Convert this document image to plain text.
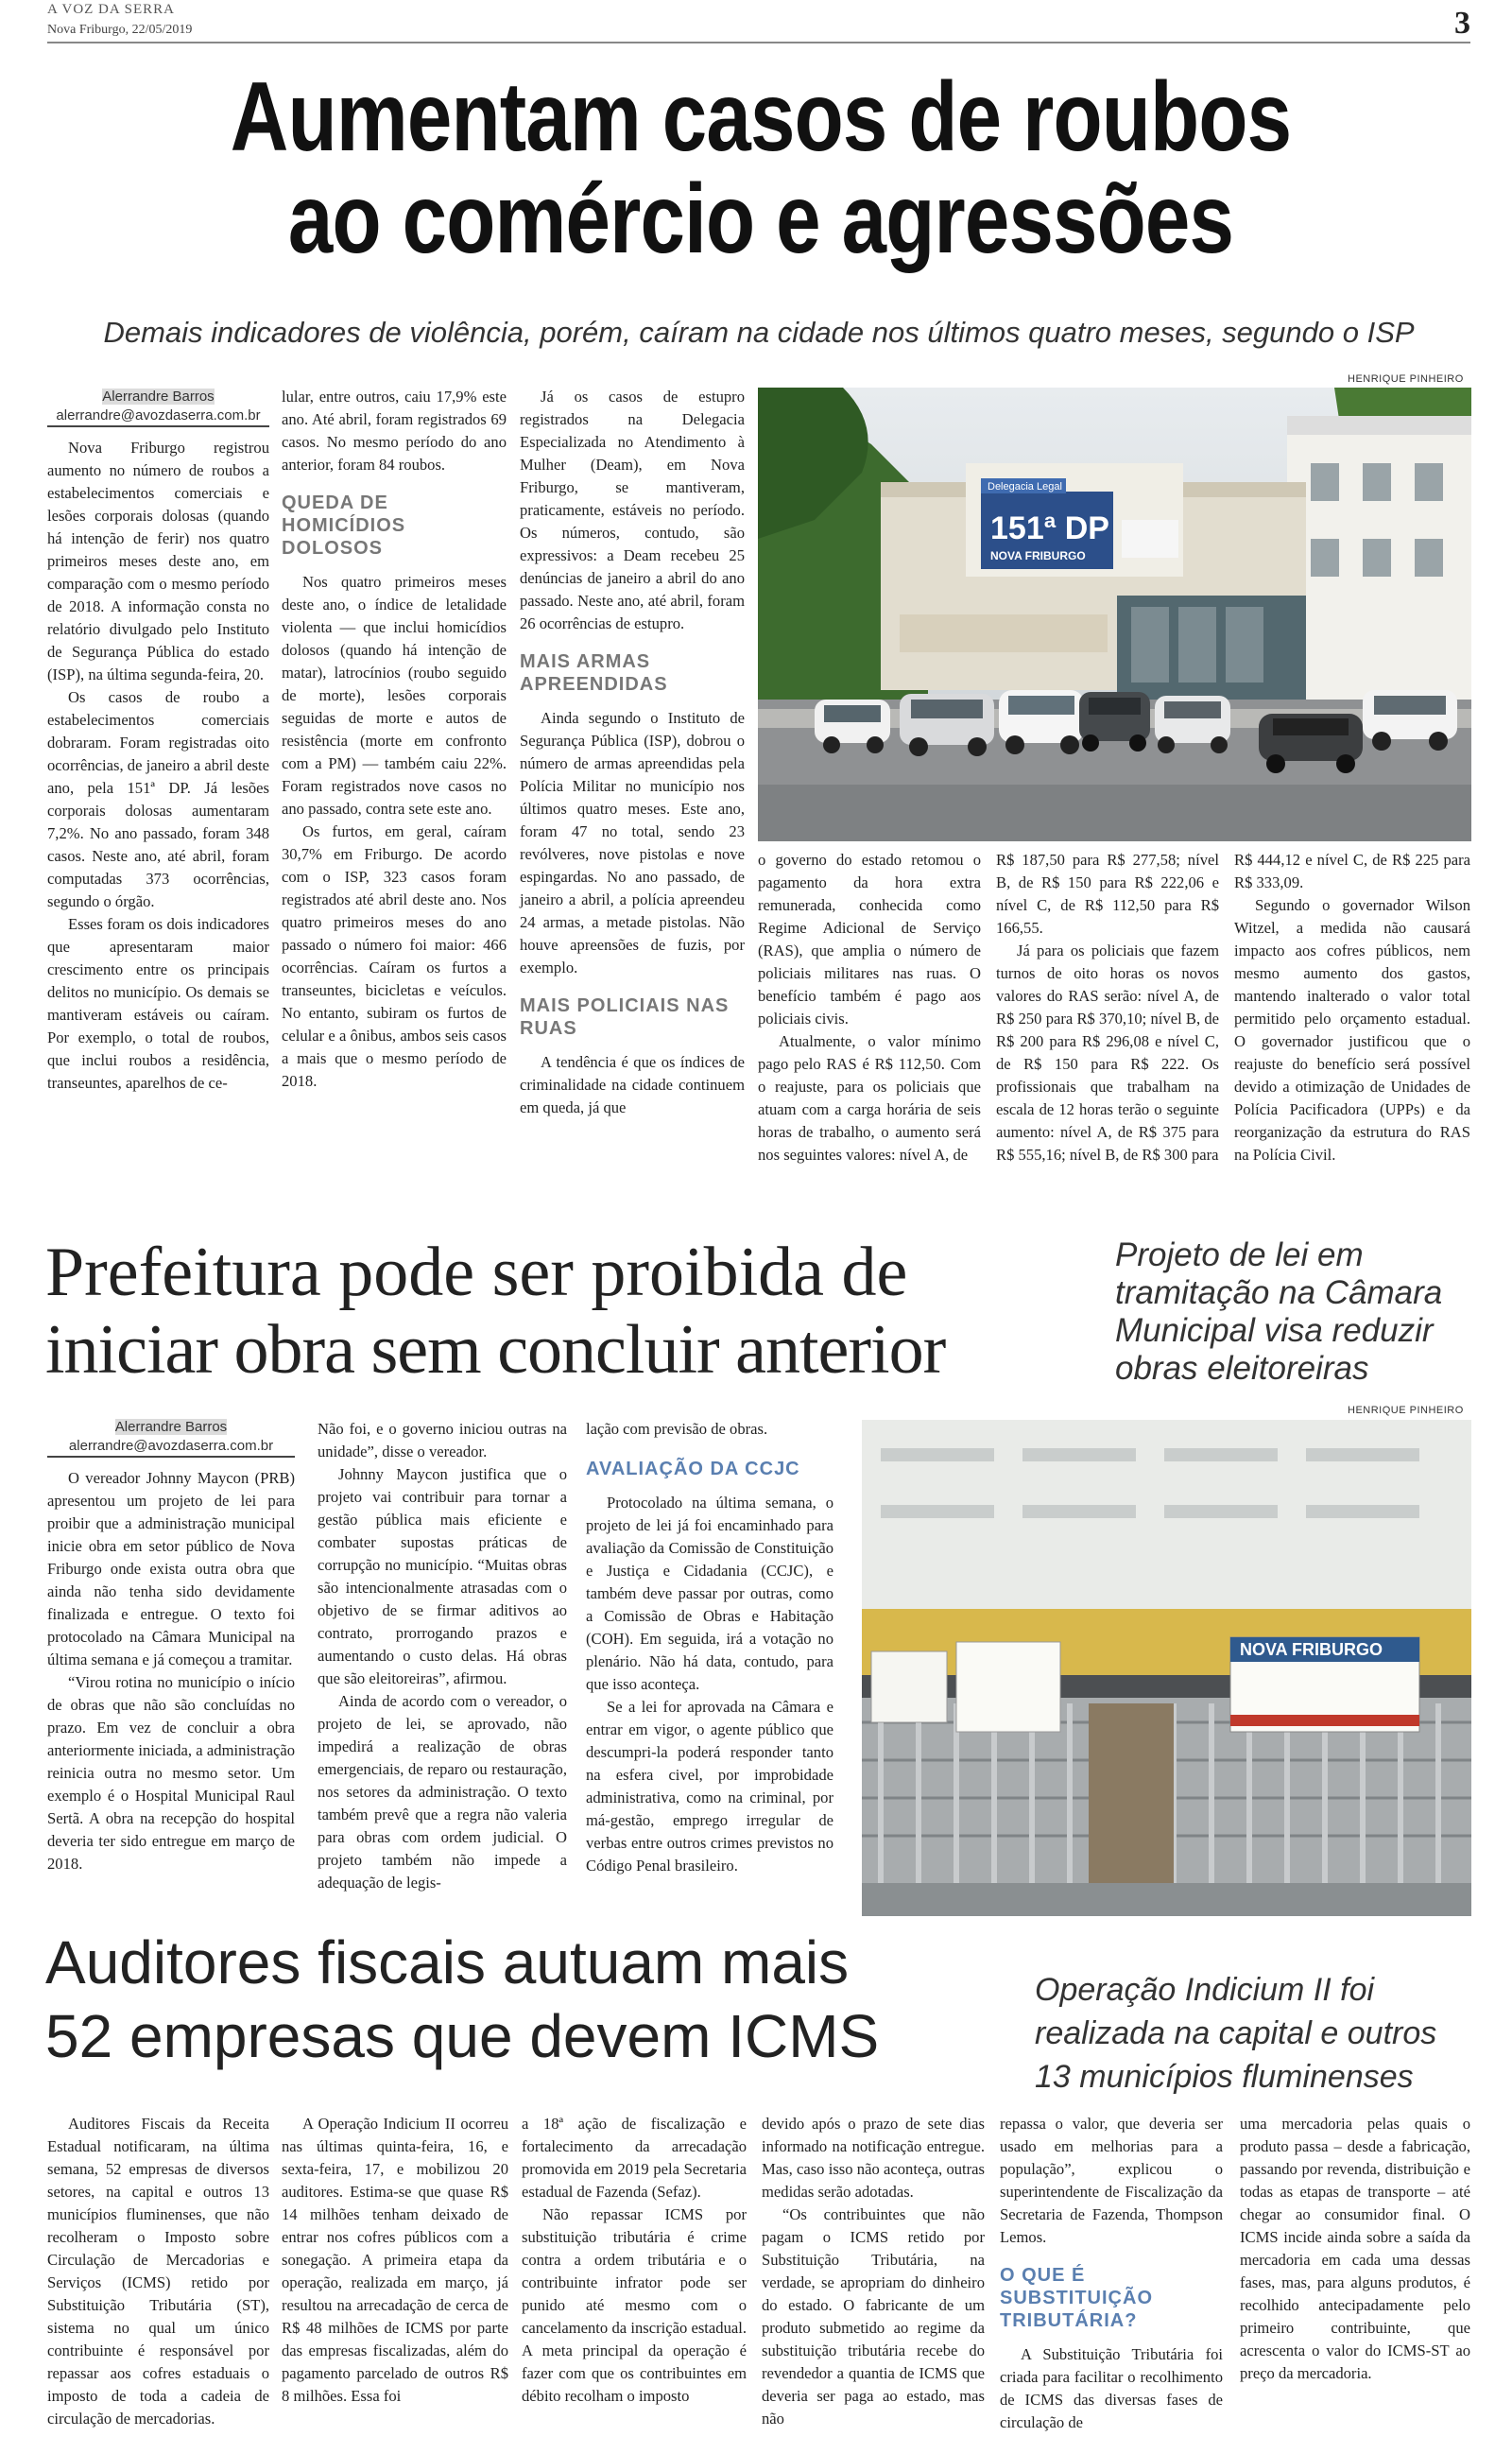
A VOZ DA SERRA
Nova Friburgo, 22/05/2019	3
Aumentam casos de roubos
ao comércio e agressões
Demais indicadores de violência, porém, caíram na cidade nos últimos quatro meses, segundo o ISP
Alerrandre Barros
alerrandre@avozdaserra.com.br

Nova Friburgo registrou aumento no número de roubos a estabelecimentos comerciais e lesões corporais dolosas (quando há intenção de ferir) nos quatro primeiros meses deste ano, em comparação com o mesmo período de 2018. A informação consta no relatório divulgado pelo Instituto de Segurança Pública do estado (ISP), na última segunda-feira, 20.

Os casos de roubo a estabelecimentos comerciais dobraram. Foram registradas oito ocorrências, de janeiro a abril deste ano, pela 151ª DP. Já lesões corporais dolosas aumentaram 7,2%. No ano passado, foram 348 casos. Neste ano, até abril, foram computadas 373 ocorrências, segundo o órgão.

Esses foram os dois indicadores que apresentaram maior crescimento entre os principais delitos no município. Os demais se mantiveram estáveis ou caíram. Por exemplo, o total de roubos, que inclui roubos a residência, transeuntes, aparelhos de ce-

lular, entre outros, caiu 17,9% este ano. Até abril, foram registrados 69 casos. No mesmo período do ano anterior, foram 84 roubos.

QUEDA DE HOMICÍDIOS DOLOSOS

Nos quatro primeiros meses deste ano, o índice de letalidade violenta — que inclui homicídios dolosos (quando há intenção de matar), latrocínios (roubo seguido de morte), lesões corporais seguidas de morte e autos de resistência (morte em confronto com a PM) — também caiu 22%. Foram registrados nove casos no ano passado, contra sete este ano.

Os furtos, em geral, caíram 30,7% em Friburgo. De acordo com o ISP, 323 casos foram registrados até abril deste ano. Nos quatro primeiros meses do ano passado o número foi maior: 466 ocorrências. Caíram os furtos a transeuntes, bicicletas e veículos. No entanto, subiram os furtos de celular e a ônibus, ambos seis casos a mais que o mesmo período de 2018.

Já os casos de estupro registrados na Delegacia Especializada no Atendimento à Mulher (Deam), em Nova Friburgo, se mantiveram, praticamente, estáveis no período. Os números, contudo, são expressivos: a Deam recebeu 25 denúncias de janeiro a abril do ano passado. Neste ano, até abril, foram 26 ocorrências de estupro.

MAIS ARMAS APREENDIDAS

Ainda segundo o Instituto de Segurança Pública (ISP), dobrou o número de armas apreendidas pela Polícia Militar no município nos últimos quatro meses. Este ano, foram 47 no total, sendo 23 revólveres, nove pistolas e nove espingardas. No ano passado, de janeiro a abril, a polícia apreendeu 24 armas, a metade pistolas. Não houve apreensões de fuzis, por exemplo.

MAIS POLICIAIS NAS RUAS

A tendência é que os índices de criminalidade na cidade continuem em queda, já que

HENRIQUE PINHEIRO
Delegacia Legal
151ª DP
NOVA FRIBURGO

o governo do estado retomou o pagamento da hora extra remunerada, conhecida como Regime Adicional de Serviço (RAS), que amplia o número de policiais militares nas ruas. O benefício também é pago aos policiais civis.

Atualmente, o valor mínimo pago pelo RAS é R$ 112,50. Com o reajuste, para os policiais que atuam com a carga horária de seis horas de trabalho, o aumento será nos seguintes valores: nível A, de

R$ 187,50 para R$ 277,58; nível B, de R$ 150 para R$ 222,06 e nível C, de R$ 112,50 para R$ 166,55.

Já para os policiais que fazem turnos de oito horas os novos valores do RAS serão: nível A, de R$ 250 para R$ 370,10; nível B, de R$ 200 para R$ 296,08 e nível C, de R$ 150 para R$ 222. Os profissionais que trabalham na escala de 12 horas terão o seguinte aumento: nível A, de R$ 375 para R$ 555,16; nível B, de R$ 300 para

R$ 444,12 e nível C, de R$ 225 para R$ 333,09.

Segundo o governador Wilson Witzel, a medida não causará impacto aos cofres públicos, nem mesmo aumento dos gastos, mantendo inalterado o valor total permitido pelo orçamento estadual. O governador justificou que o reajuste do benefício será possível devido a otimização de Unidades de Polícia Pacificadora (UPPs) e da reorganização da estrutura do RAS na Polícia Civil.

Prefeitura pode ser proibida de
iniciar obra sem concluir anterior
Projeto de lei em tramitação na Câmara Municipal visa reduzir obras eleitoreiras
Alerrandre Barros
alerrandre@avozdaserra.com.br

O vereador Johnny Maycon (PRB) apresentou um projeto de lei para proibir que a administração municipal inicie obra em setor público de Nova Friburgo onde exista outra obra que ainda não tenha sido devidamente finalizada e entregue. O texto foi protocolado na Câmara Municipal na última semana e já começou a tramitar.

“Virou rotina no município o início de obras que não são concluídas no prazo. Em vez de concluir a obra anteriormente iniciada, a administração reinicia outra no mesmo setor. Um exemplo é o Hospital Municipal Raul Sertã. A obra na recepção do hospital deveria ter sido entregue em março de 2018.

Não foi, e o governo iniciou outras na unidade”, disse o vereador.

Johnny Maycon justifica que o projeto vai contribuir para tornar a gestão pública mais eficiente e combater supostas práticas de corrupção no município. “Muitas obras são intencionalmente atrasadas com o objetivo de se firmar aditivos ao contrato, prorrogando prazos e aumentando o custo delas. Há obras que são eleitoreiras”, afirmou.

Ainda de acordo com o vereador, o projeto de lei, se aprovado, não impedirá a realização de obras emergenciais, de reparo ou restauração, nos setores da administração. O texto também prevê que a regra não valeria para obras com ordem judicial. O projeto também não impede a adequação de legis-

lação com previsão de obras.

AVALIAÇÃO DA CCJC

Protocolado na última semana, o projeto de lei já foi encaminhado para avaliação da Comissão de Constituição e Justiça e Cidadania (CCJC), e também deve passar por outras, como a Comissão de Obras e Habitação (COH). Em seguida, irá a votação no plenário. Não há data, contudo, para que isso aconteça.

Se a lei for aprovada na Câmara e entrar em vigor, o agente público que descumpri-la poderá responder tanto na esfera civel, por improbidade administrativa, como na criminal, por má-gestão, emprego irregular de verbas entre outros crimes previstos no Código Penal brasileiro.

HENRIQUE PINHEIRO
NOVA FRIBURGO
Auditores fiscais autuam mais
52 empresas que devem ICMS
Operação Indicium II foi realizada na capital e outros 13 municípios fluminenses

Auditores Fiscais da Receita Estadual notificaram, na última semana, 52 empresas de diversos setores, na capital e outros 13 municípios fluminenses, que não recolheram o Imposto sobre Circulação de Mercadorias e Serviços (ICMS) retido por Substituição Tributária (ST), sistema no qual um único contribuinte é responsável por repassar aos cofres estaduais o imposto de toda a cadeia de circulação de mercadorias.

A Operação Indicium II ocorreu nas últimas quinta-feira, 16, e sexta-feira, 17, e mobilizou 20 auditores. Estima-se que quase R$ 14 milhões tenham deixado de entrar nos cofres públicos com a sonegação. A primeira etapa da operação, realizada em março, já resultou na arrecadação de cerca de R$ 48 milhões de ICMS por parte das empresas fiscalizadas, além do pagamento parcelado de outros R$ 8 milhões. Essa foi

a 18ª ação de fiscalização e fortalecimento da arrecadação promovida em 2019 pela Secretaria estadual de Fazenda (Sefaz).

Não repassar ICMS por substituição tributária é crime contra a ordem tributária e o contribuinte infrator pode ser punido até mesmo com o cancelamento da inscrição estadual. A meta principal da operação é fazer com que os contribuintes em débito recolham o imposto

devido após o prazo de sete dias informado na notificação entregue. Mas, caso isso não aconteça, outras medidas serão adotadas.

“Os contribuintes que não pagam o ICMS retido por Substituição Tributária, na verdade, se apropriam do dinheiro do estado. O fabricante de um produto submetido ao regime da substituição tributária recebe do revendedor a quantia de ICMS que deveria ser paga ao estado, mas não

repassa o valor, que deveria ser usado em melhorias para a população”, explicou o superintendente de Fiscalização da Secretaria de Fazenda, Thompson Lemos.

O QUE É SUBSTITUIÇÃO TRIBUTÁRIA?

A Substituição Tributária foi criada para facilitar o recolhimento de ICMS das diversas fases de circulação de

uma mercadoria pelas quais o produto passa – desde a fabricação, passando por revenda, distribuição e todas as etapas de transporte – até chegar ao consumidor final. O ICMS incide ainda sobre a saída da mercadoria em cada uma dessas fases, mas, para alguns produtos, é recolhido antecipadamente pelo primeiro contribuinte, que acrescenta o valor do ICMS-ST ao preço da mercadoria.
